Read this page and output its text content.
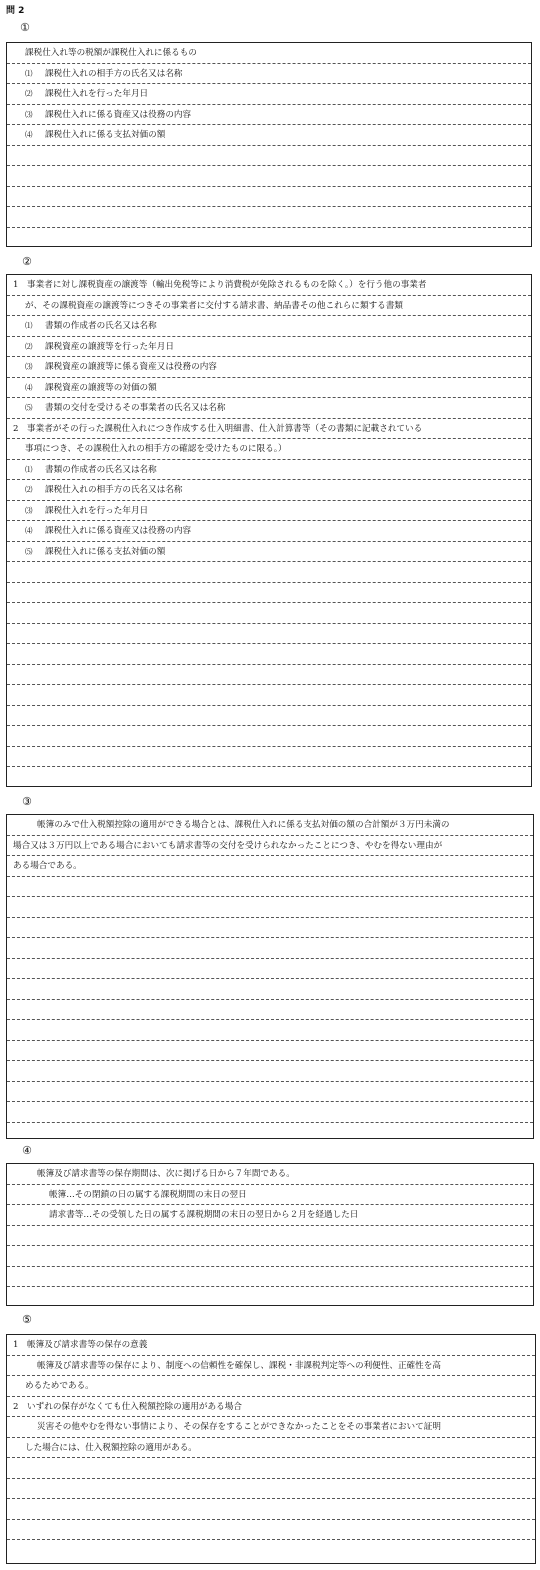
問 2
①
課税仕入れ等の税額が課税仕入れに係るもの
⑴ 課税仕入れの相手方の氏名又は名称
⑵ 課税仕入れを行った年月日
⑶ 課税仕入れに係る資産又は役務の内容
⑷ 課税仕入れに係る支払対価の額
②
1　事業者に対し課税資産の譲渡等（輸出免税等により消費税が免除されるものを除く。）を行う他の事業者
が、その課税資産の譲渡等につきその事業者に交付する請求書、納品書その他これらに類する書類
⑴ 書類の作成者の氏名又は名称
⑵ 課税資産の譲渡等を行った年月日
⑶ 課税資産の譲渡等に係る資産又は役務の内容
⑷ 課税資産の譲渡等の対価の額
⑸ 書類の交付を受けるその事業者の氏名又は名称
2　事業者がその行った課税仕入れにつき作成する仕入明細書、仕入計算書等（その書類に記載されている
事項につき、その課税仕入れの相手方の確認を受けたものに限る。）
⑴ 書類の作成者の氏名又は名称
⑵ 課税仕入れの相手方の氏名又は名称
⑶ 課税仕入れを行った年月日
⑷ 課税仕入れに係る資産又は役務の内容
⑸ 課税仕入れに係る支払対価の額
③
帳簿のみで仕入税額控除の適用ができる場合とは、課税仕入れに係る支払対価の額の合計額が３万円未満の
場合又は３万円以上である場合においても請求書等の交付を受けられなかったことにつき、やむを得ない理由が
ある場合である。
④
帳簿及び請求書等の保存期間は、次に掲げる日から７年間である。
帳簿…その閉鎖の日の属する課税期間の末日の翌日
請求書等…その受領した日の属する課税期間の末日の翌日から２月を経過した日
⑤
1　帳簿及び請求書等の保存の意義
帳簿及び請求書等の保存により、制度への信頼性を確保し、課税・非課税判定等への利便性、正確性を高
めるためである。
2　いずれの保存がなくても仕入税額控除の適用がある場合
災害その他やむを得ない事情により、その保存をすることができなかったことをその事業者において証明
した場合には、仕入税額控除の適用がある。
